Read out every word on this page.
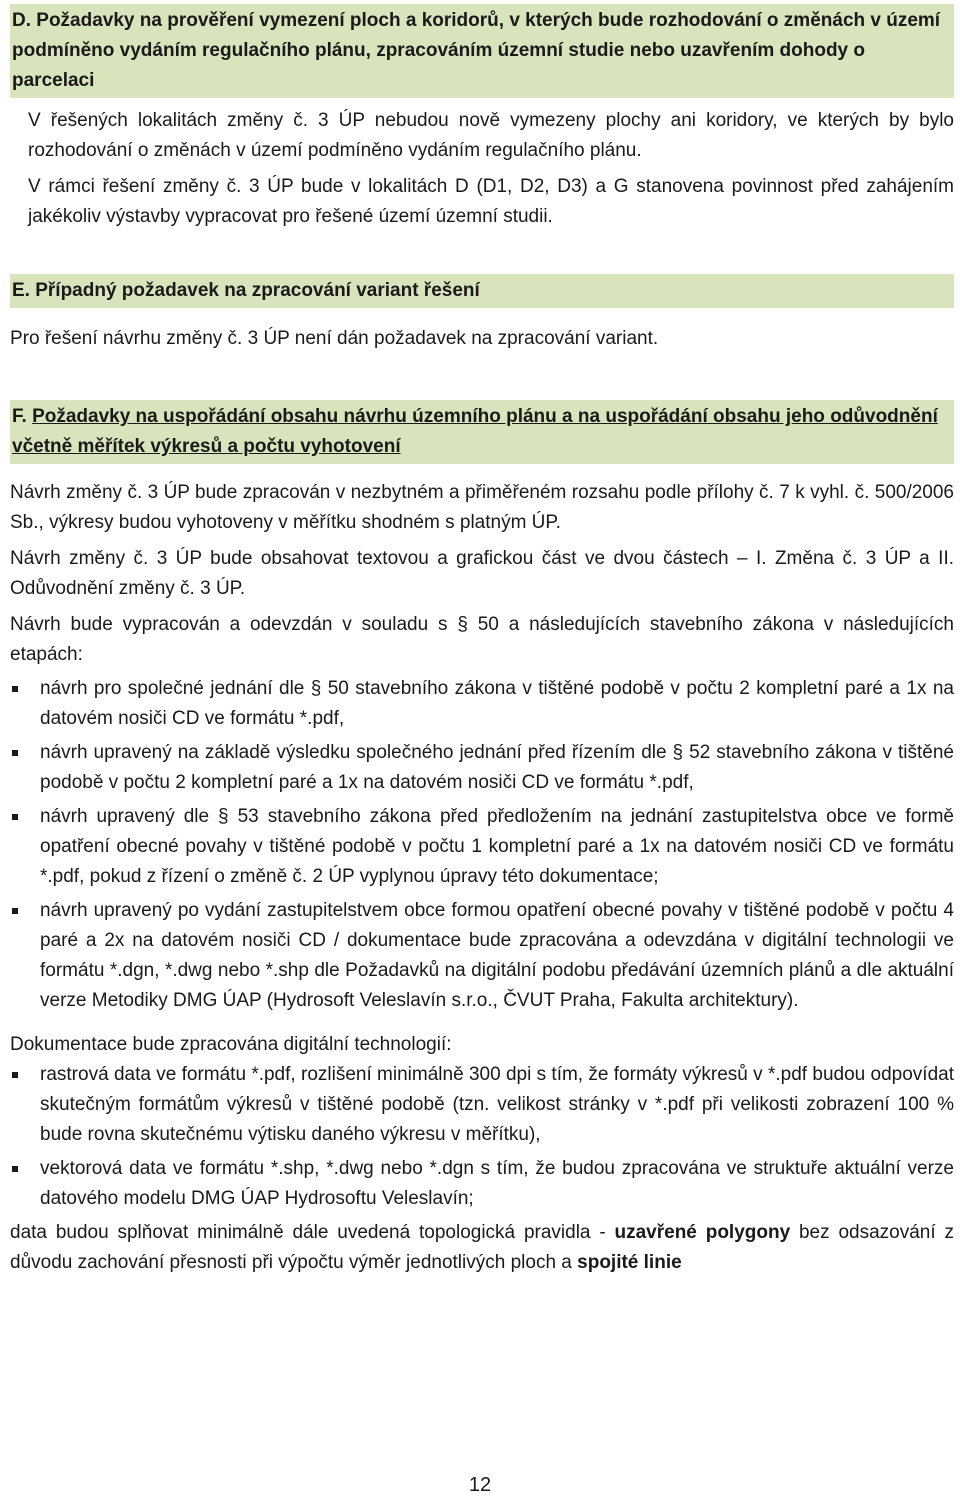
D. Požadavky na prověření vymezení ploch a koridorů, v kterých bude rozhodování o změnách v území podmíněno vydáním regulačního plánu, zpracováním územní studie nebo uzavřením dohody o parcelaci

V řešených lokalitách změny č. 3 ÚP nebudou nově vymezeny plochy ani koridory, ve kterých by bylo rozhodování o změnách v území podmíněno vydáním regulačního plánu.

V rámci řešení změny č. 3 ÚP bude v lokalitách D (D1, D2, D3) a G stanovena povinnost před zahájením jakékoliv výstavby vypracovat pro řešené území územní studii.

E. Případný požadavek na zpracování variant řešení

Pro řešení návrhu změny č. 3 ÚP není dán požadavek na zpracování variant.

F. Požadavky na uspořádání obsahu návrhu územního plánu a na uspořádání obsahu jeho odůvodnění včetně měřítek výkresů a počtu vyhotovení

Návrh změny č. 3 ÚP bude zpracován v nezbytném a přiměřeném rozsahu podle přílohy č. 7 k vyhl. č. 500/2006 Sb., výkresy budou vyhotoveny v měřítku shodném s platným ÚP.

Návrh změny č. 3 ÚP bude obsahovat textovou a grafickou část ve dvou částech – I. Změna č. 3 ÚP a II. Odůvodnění změny č. 3 ÚP.

Návrh bude vypracován a odevzdán v souladu s § 50 a následujících stavebního zákona v následujících etapách:

návrh pro společné jednání dle § 50 stavebního zákona v tištěné podobě v počtu 2 kompletní paré a 1x na datovém nosiči CD ve formátu *.pdf,
návrh upravený na základě výsledku společného jednání před řízením dle § 52 stavebního zákona v tištěné podobě v počtu 2 kompletní paré a 1x na datovém nosiči CD ve formátu *.pdf,
návrh upravený dle § 53 stavebního zákona před předložením na jednání zastupitelstva obce ve formě opatření obecné povahy v tištěné podobě v počtu 1 kompletní paré a 1x na datovém nosiči CD ve formátu *.pdf, pokud z řízení o změně č. 2 ÚP vyplynou úpravy této dokumentace;
návrh upravený po vydání zastupitelstvem obce formou opatření obecné povahy v tištěné podobě v počtu 4 paré a 2x na datovém nosiči CD / dokumentace bude zpracována a odevzdána v digitální technologii ve formátu *.dgn, *.dwg nebo *.shp dle Požadavků na digitální podobu předávání územních plánů a dle aktuální verze Metodiky DMG ÚAP (Hydrosoft Veleslavín s.r.o., ČVUT Praha, Fakulta architektury).

Dokumentace bude zpracována digitální technologií:

rastrová data ve formátu *.pdf, rozlišení minimálně 300 dpi s tím, že formáty výkresů v *.pdf budou odpovídat skutečným formátům výkresů v tištěné podobě (tzn. velikost stránky v *.pdf při velikosti zobrazení 100 % bude rovna skutečnému výtisku daného výkresu v měřítku),
vektorová data ve formátu *.shp, *.dwg nebo *.dgn s tím, že budou zpracována ve struktuře aktuální verze datového modelu DMG ÚAP Hydrosoftu Veleslavín;

data budou splňovat minimálně dále uvedená topologická pravidla - uzavřené polygony bez odsazování z důvodu zachování přesnosti při výpočtu výměr jednotlivých ploch a spojité linie

12
